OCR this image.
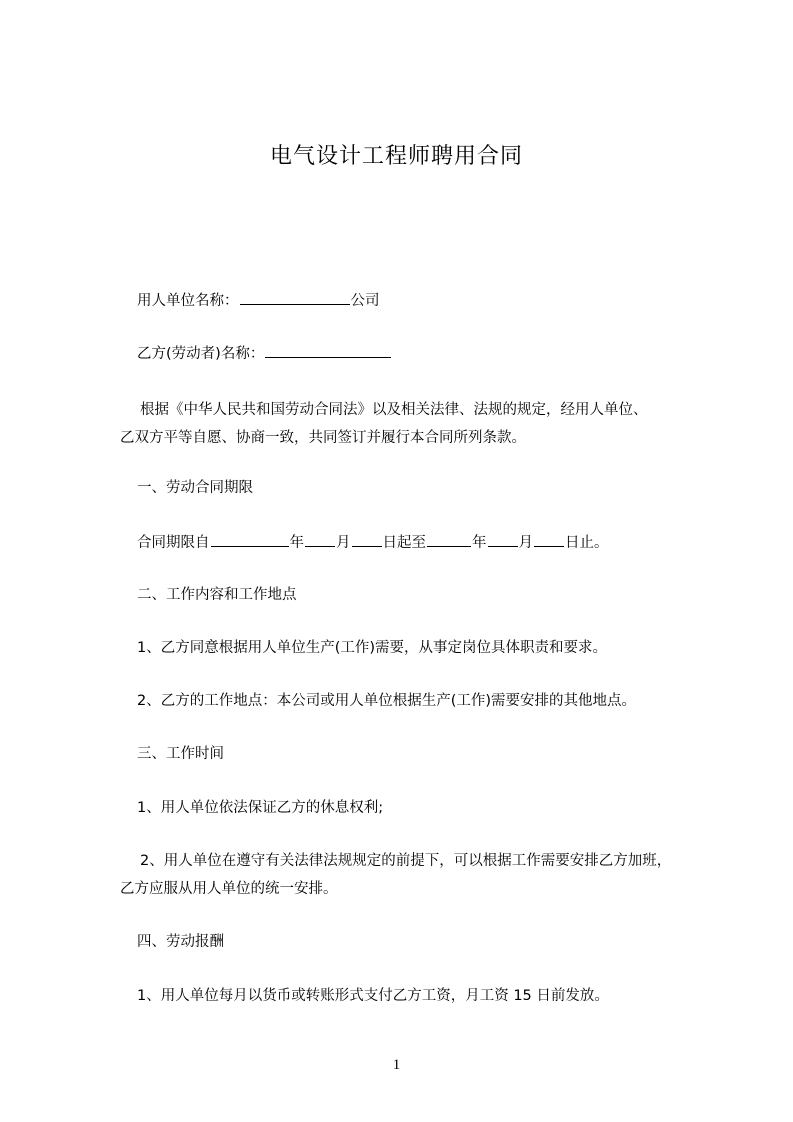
电气设计工程师聘用合同
用人单位名称：	公司
乙方(劳动者)名称：
根据《中华人民共和国劳动合同法》以及相关法律、法规的规定，经用人单位、
乙双方平等自愿、协商一致，共同签订并履行本合同所列条款。
一、劳动合同期限
合同期限自	年 月 日起至	年 月 日止。
二、工作内容和工作地点
1、乙方同意根据用人单位生产(工作)需要，从事定岗位具体职责和要求。
2、乙方的工作地点：本公司或用人单位根据生产(工作)需要安排的其他地点。
三、工作时间
1、用人单位依法保证乙方的休息权利;
2、用人单位在遵守有关法律法规规定的前提下，可以根据工作需要安排乙方加班，
乙方应服从用人单位的统一安排。
四、劳动报酬
1、用人单位每月以货币或转账形式支付乙方工资，月工资 15 日前发放。
1
